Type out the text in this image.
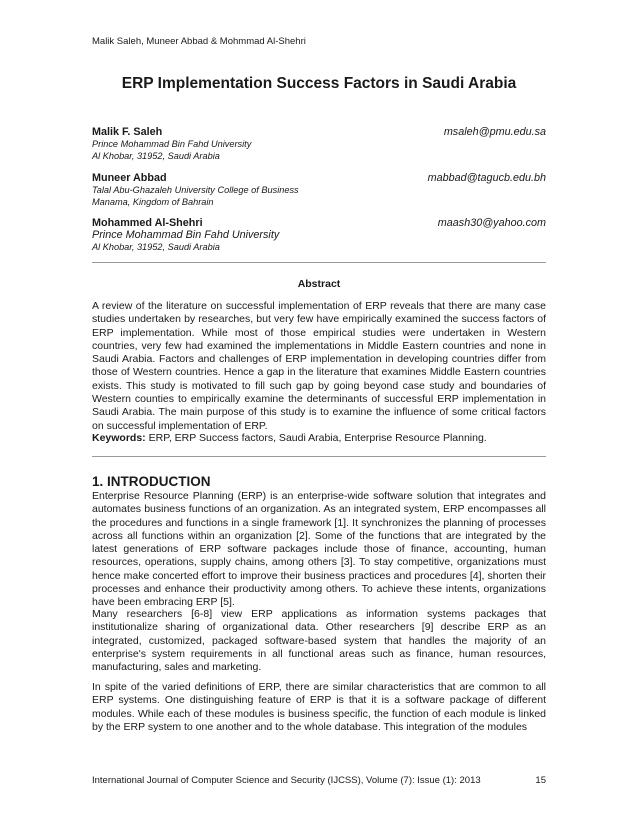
Malik Saleh, Muneer Abbad & Mohmmad Al-Shehri
ERP Implementation Success Factors in Saudi Arabia
Malik F. Saleh	msaleh@pmu.edu.sa
Prince Mohammad Bin Fahd University
Al Khobar, 31952, Saudi Arabia
Muneer Abbad	mabbad@tagucb.edu.bh
Talal Abu-Ghazaleh University College of Business
Manama, Kingdom of Bahrain
Mohammed Al-Shehri	maash30@yahoo.com
Prince Mohammad Bin Fahd University
Al Khobar, 31952, Saudi Arabia
Abstract

A review of the literature on successful implementation of ERP reveals that there are many case studies undertaken by researches, but very few have empirically examined the success factors of ERP implementation. While most of those empirical studies were undertaken in Western countries, very few had examined the implementations in Middle Eastern countries and none in Saudi Arabia. Factors and challenges of ERP implementation in developing countries differ from those of Western countries. Hence a gap in the literature that examines Middle Eastern countries exists. This study is motivated to fill such gap by going beyond case study and boundaries of Western counties to empirically examine the determinants of successful ERP implementation in Saudi Arabia. The main purpose of this study is to examine the influence of some critical factors on successful implementation of ERP.

Keywords: ERP, ERP Success factors, Saudi Arabia, Enterprise Resource Planning.

1. INTRODUCTION

Enterprise Resource Planning (ERP) is an enterprise-wide software solution that integrates and automates business functions of an organization. As an integrated system, ERP encompasses all the procedures and functions in a single framework [1]. It synchronizes the planning of processes across all functions within an organization [2]. Some of the functions that are integrated by the latest generations of ERP software packages include those of finance, accounting, human resources, operations, supply chains, among others [3]. To stay competitive, organizations must hence make concerted effort to improve their business practices and procedures [4], shorten their processes and enhance their productivity among others. To achieve these intents, organizations have been embracing ERP [5].

Many researchers [6-8] view ERP applications as information systems packages that institutionalize sharing of organizational data. Other researchers [9] describe ERP as an integrated, customized, packaged software-based system that handles the majority of an enterprise's system requirements in all functional areas such as finance, human resources, manufacturing, sales and marketing.

In spite of the varied definitions of ERP, there are similar characteristics that are common to all ERP systems. One distinguishing feature of ERP is that it is a software package of different modules. While each of these modules is business specific, the function of each module is linked by the ERP system to one another and to the whole database. This integration of the modules

International Journal of Computer Science and Security (IJCSS), Volume (7): Issue (1): 2013	15
